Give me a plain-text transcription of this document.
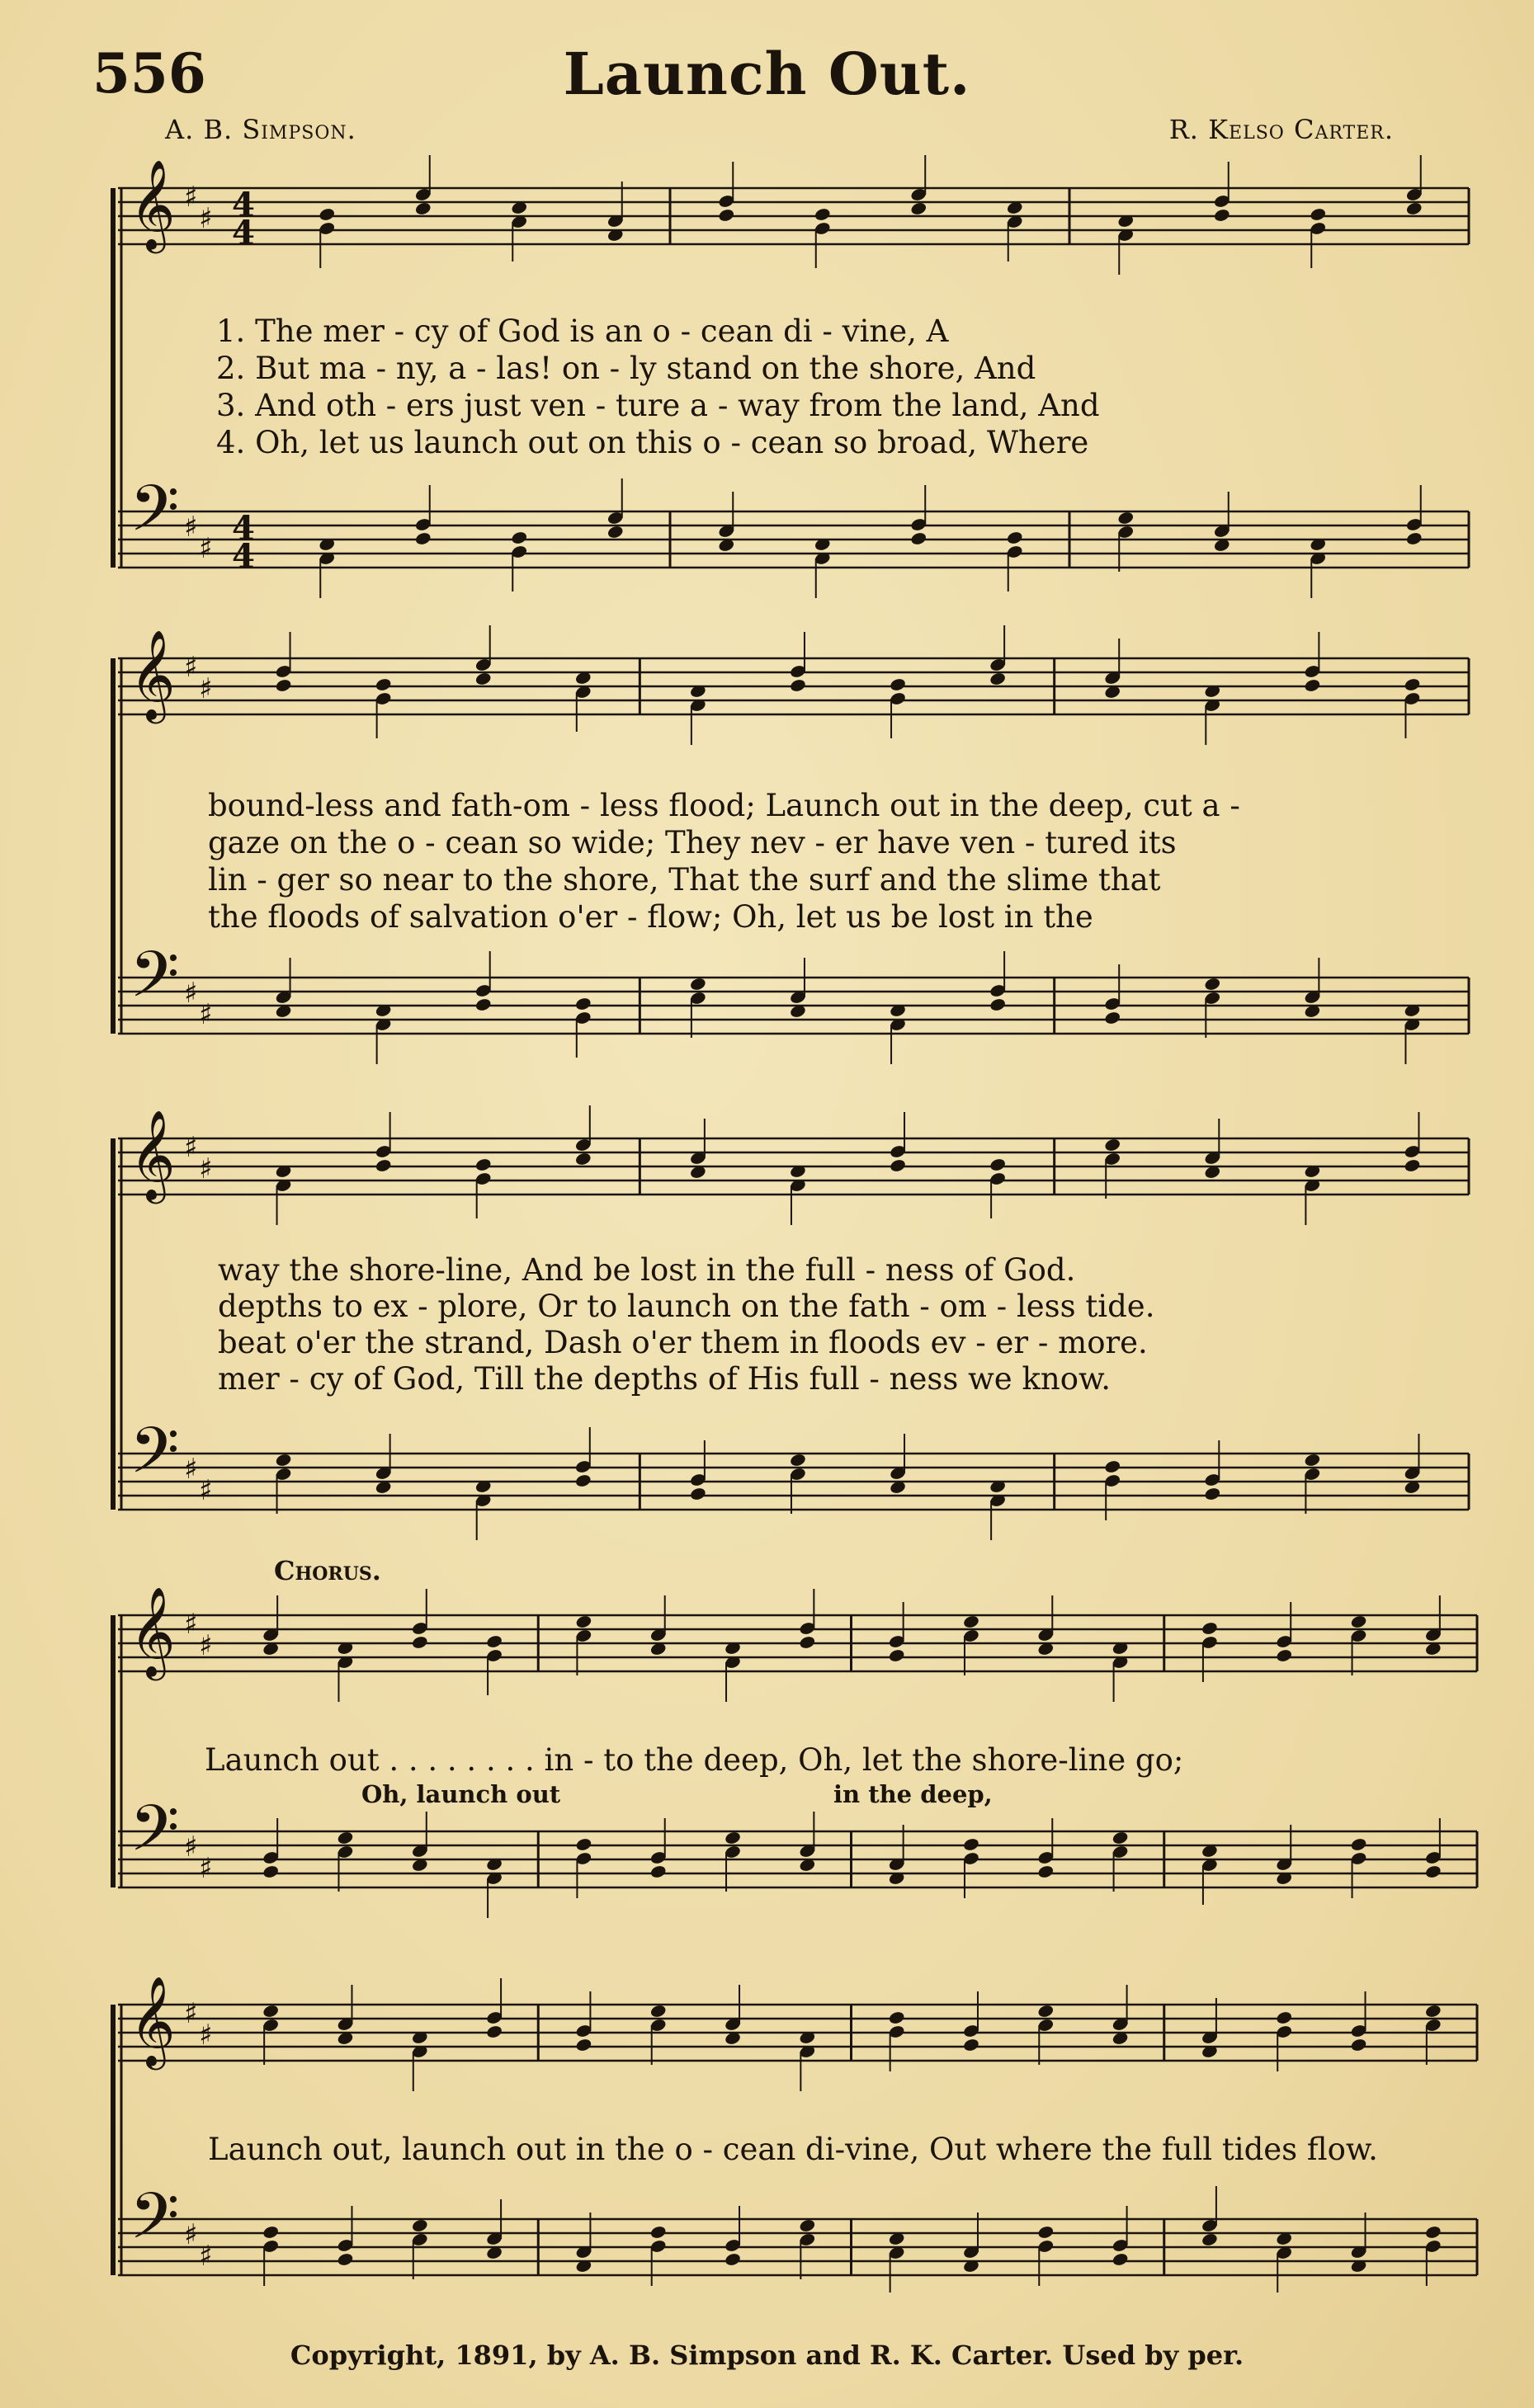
556	Launch Out.
A. B. Simpson.	R. Kelso Carter.
𝄞
𝄢
♯
♯
♯
♯
4
4
4
4
𝄞
𝄢
♯
♯
♯
♯
𝄞
𝄢
♯
♯
♯
♯
𝄞
𝄢
♯
♯
♯
♯
𝄞
𝄢
♯
♯
♯
♯
1. The mer - cy of God is an o - cean di - vine, A
2. But ma - ny, a - las! on - ly stand on the shore, And
3. And oth - ers just ven - ture a - way from the land, And
4. Oh, let us launch out on this o - cean so broad, Where
bound-less and fath-om - less flood; Launch out in the deep, cut a -
gaze on the o - cean so wide; They nev - er have ven - tured its
lin - ger so near to the shore, That the surf and the slime that
the floods of salvation o'er - flow; Oh, let us be lost in the
way the shore-line, And be lost in the full - ness of God.
depths to ex - plore, Or to launch on the fath - om - less tide.
beat o'er the strand, Dash o'er them in floods ev - er - more.
mer - cy of God, Till the depths of His full - ness we know.
Chorus.
Launch out . . . . . . . . in - to the deep, Oh, let the shore-line go;
Oh, launch out	in the deep,
Launch out, launch out in the o - cean di-vine, Out where the full tides flow.
Copyright, 1891, by A. B. Simpson and R. K. Carter. Used by per.
